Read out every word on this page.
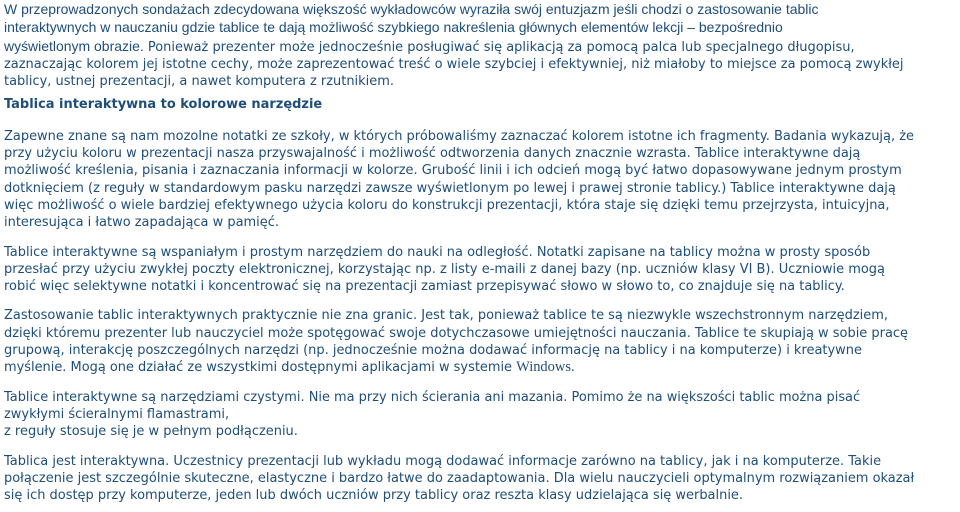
W przeprowadzonych sondażach zdecydowana większość wykładowców wyraziła swój entuzjazm jeśli chodzi o zastosowanie tablic

interaktywnych w nauczaniu gdzie tablice te dają możliwość szybkiego nakreślenia głównych elementów lekcji – bezpośrednio

wyświetlonym obrazie. Ponieważ prezenter może jednocześnie posługiwać się aplikacją za pomocą palca lub specjalnego długopisu,

zaznaczając kolorem jej istotne cechy, może zaprezentować treść o wiele szybciej i efektywniej, niż miałoby to miejsce za pomocą zwykłej

tablicy, ustnej prezentacji, a nawet komputera z rzutnikiem.

Tablica interaktywna to kolorowe narzędzie

Zapewne znane są nam mozolne notatki ze szkoły, w których próbowaliśmy zaznaczać kolorem istotne ich fragmenty. Badania wykazują, że

przy użyciu koloru w prezentacji nasza przyswajalność i możliwość odtworzenia danych znacznie wzrasta. Tablice interaktywne dają

możliwość kreślenia, pisania i zaznaczania informacji w kolorze. Grubość linii i ich odcień mogą być łatwo dopasowywane jednym prostym

dotknięciem (z reguły w standardowym pasku narzędzi zawsze wyświetlonym po lewej i prawej stronie tablicy.) Tablice interaktywne dają

więc możliwość o wiele bardziej efektywnego użycia koloru do konstrukcji prezentacji, która staje się dzięki temu przejrzysta, intuicyjna,

interesująca i łatwo zapadająca w pamięć.

Tablice interaktywne są wspaniałym i prostym narzędziem do nauki na odległość. Notatki zapisane na tablicy można w prosty sposób

przesłać przy użyciu zwykłej poczty elektronicznej, korzystając np. z listy e-maili z danej bazy (np. uczniów klasy VI B). Uczniowie mogą

robić więc selektywne notatki i koncentrować się na prezentacji zamiast przepisywać słowo w słowo to, co znajduje się na tablicy.

Zastosowanie tablic interaktywnych praktycznie nie zna granic. Jest tak, ponieważ tablice te są niezwykle wszechstronnym narzędziem,

dzięki któremu prezenter lub nauczyciel może spotęgować swoje dotychczasowe umiejętności nauczania. Tablice te skupiają w sobie pracę

grupową, interakcję poszczególnych narzędzi (np. jednocześnie można dodawać informację na tablicy i na komputerze) i kreatywne

myślenie. Mogą one działać ze wszystkimi dostępnymi aplikacjami w systemie Windows.

Tablice interaktywne są narzędziami czystymi. Nie ma przy nich ścierania ani mazania. Pomimo że na większości tablic można pisać

zwykłymi ścieralnymi flamastrami,

z reguły stosuje się je w pełnym podłączeniu.

Tablica jest interaktywna. Uczestnicy prezentacji lub wykładu mogą dodawać informacje zarówno na tablicy, jak i na komputerze. Takie

połączenie jest szczególnie skuteczne, elastyczne i bardzo łatwe do zaadaptowania. Dla wielu nauczycieli optymalnym rozwiązaniem okazał

się ich dostęp przy komputerze, jeden lub dwóch uczniów przy tablicy oraz reszta klasy udzielająca się werbalnie.
